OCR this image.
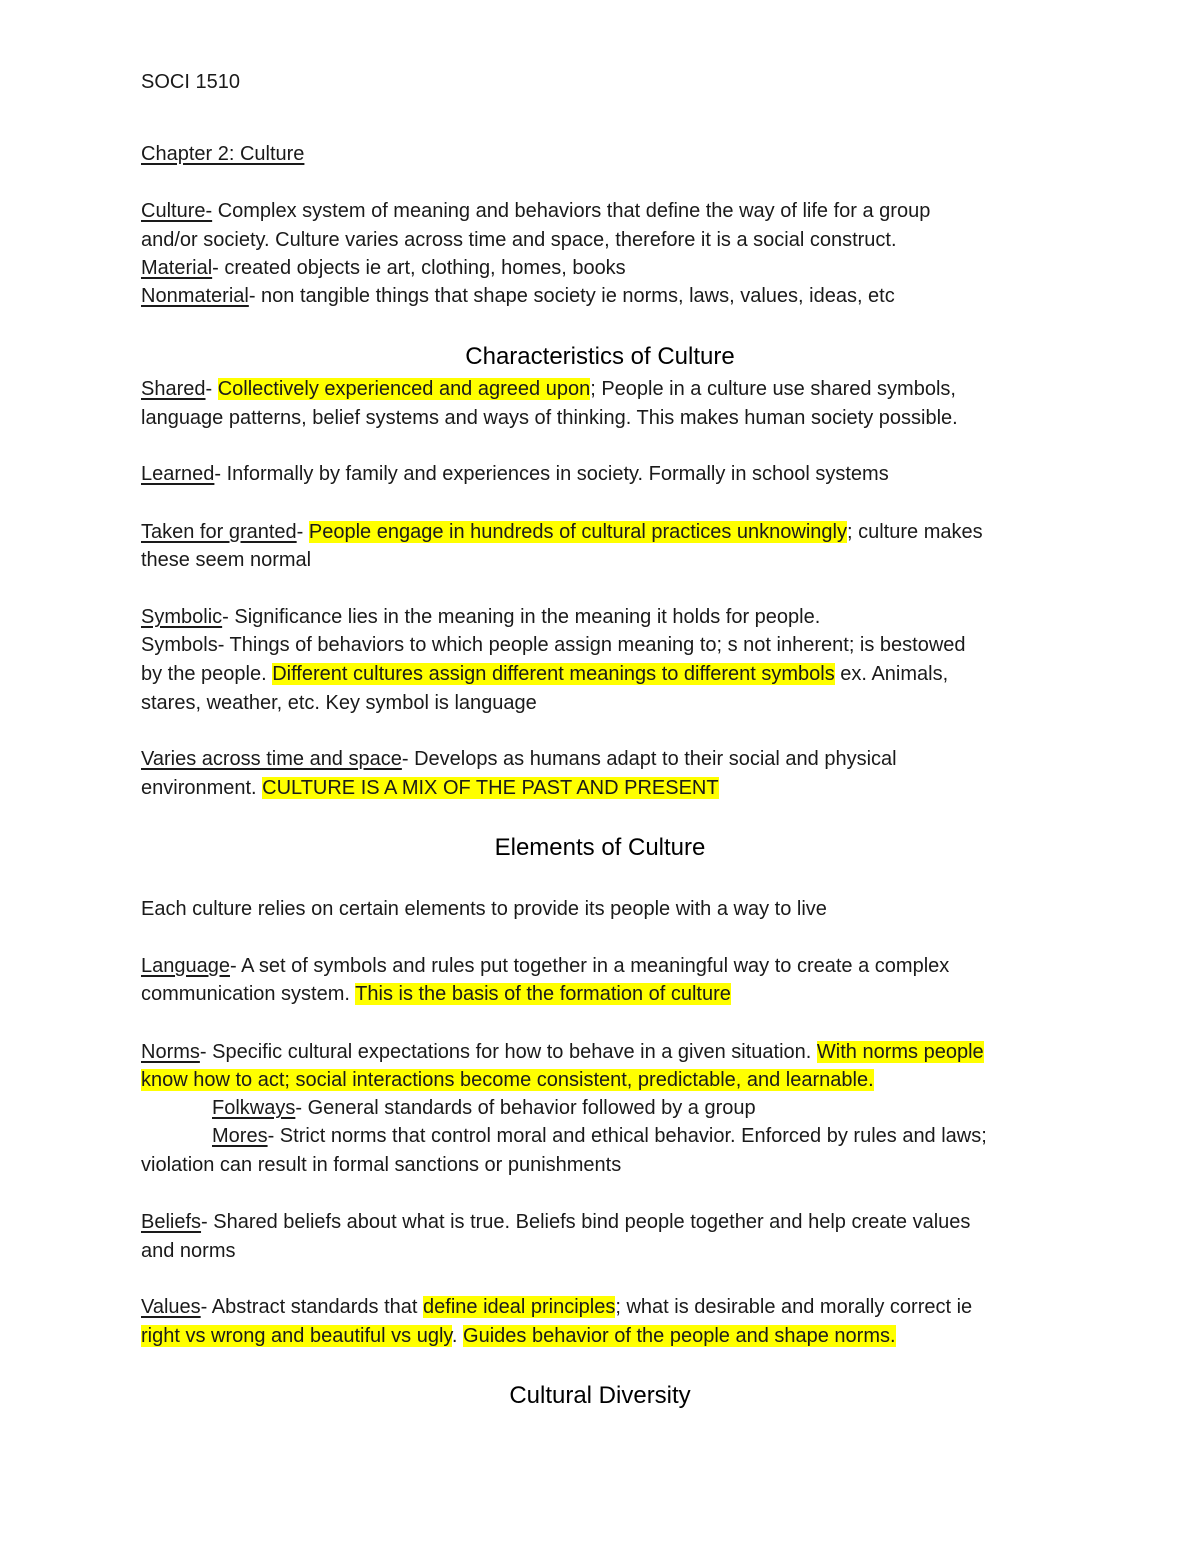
SOCI 1510
Chapter 2: Culture
Culture- Complex system of meaning and behaviors that define the way of life for a group
and/or society. Culture varies across time and space, therefore it is a social construct.
Material- created objects ie art, clothing, homes, books
Nonmaterial- non tangible things that shape society ie norms, laws, values, ideas, etc
Characteristics of Culture
Shared- Collectively experienced and agreed upon; People in a culture use shared symbols,
language patterns, belief systems and ways of thinking. This makes human society possible.
Learned- Informally by family and experiences in society. Formally in school systems
Taken for granted- People engage in hundreds of cultural practices unknowingly; culture makes
these seem normal
Symbolic- Significance lies in the meaning in the meaning it holds for people.
Symbols- Things of behaviors to which people assign meaning to; s not inherent; is bestowed
by the people. Different cultures assign different meanings to different symbols ex. Animals,
stares, weather, etc. Key symbol is language
Varies across time and space- Develops as humans adapt to their social and physical
environment. CULTURE IS A MIX OF THE PAST AND PRESENT
Elements of Culture
Each culture relies on certain elements to provide its people with a way to live
Language- A set of symbols and rules put together in a meaningful way to create a complex
communication system. This is the basis of the formation of culture
Norms- Specific cultural expectations for how to behave in a given situation. With norms people
know how to act; social interactions become consistent, predictable, and learnable.
Folkways- General standards of behavior followed by a group
Mores- Strict norms that control moral and ethical behavior. Enforced by rules and laws;
violation can result in formal sanctions or punishments
Beliefs- Shared beliefs about what is true. Beliefs bind people together and help create values
and norms
Values- Abstract standards that define ideal principles; what is desirable and morally correct ie
right vs wrong and beautiful vs ugly. Guides behavior of the people and shape norms.
Cultural Diversity
